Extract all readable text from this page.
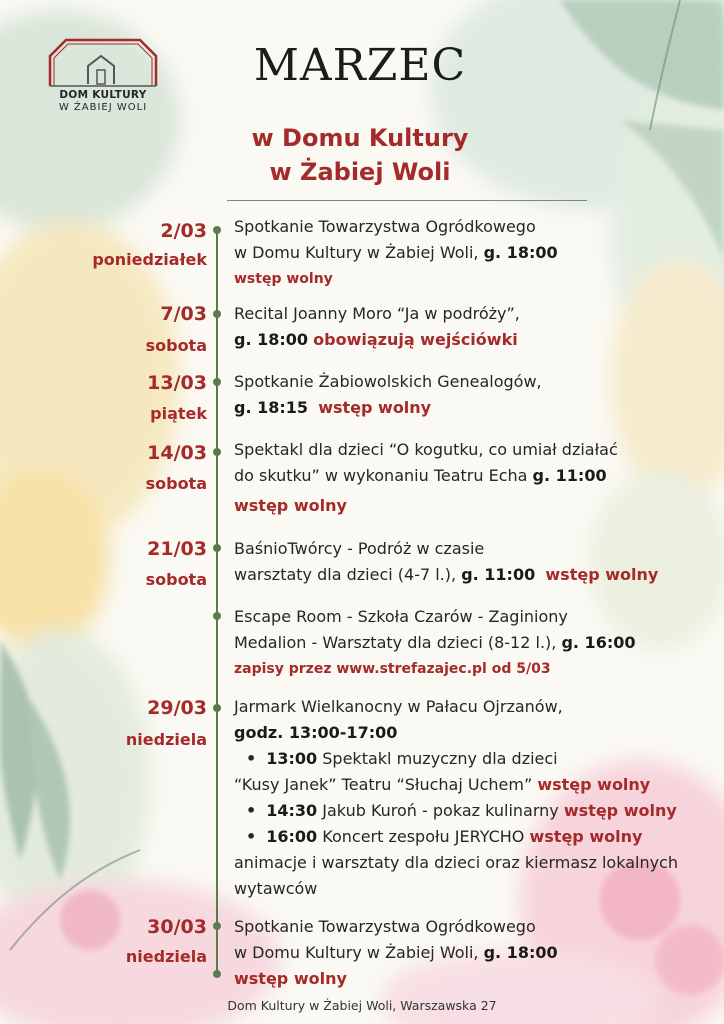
DOM KULTURY
W ŻABIEJ WOLI
MARZEC
w Domu Kultury
w Żabiej Woli
2/03
poniedziałek
Spotkanie Towarzystwa Ogródkowego
w Domu Kultury w Żabiej Woli, g. 18:00
wstęp wolny
7/03
sobota
Recital Joanny Moro “Ja w podróży”,
g. 18:00 obowiązują wejściówki
13/03
piątek
Spotkanie Żabiowolskich Genealogów,
g. 18:15 wstęp wolny
14/03
sobota
Spektakl dla dzieci “O kogutku, co umiał działać
do skutku” w wykonaniu Teatru Echa g. 11:00
wstęp wolny
21/03
sobota
BaśnioTwórcy - Podróż w czasie
warsztaty dla dzieci (4-7 l.), g. 11:00 wstęp wolny
Escape Room - Szkoła Czarów - Zaginiony
Medalion - Warsztaty dla dzieci (8-12 l.), g. 16:00
zapisy przez www.strefazajec.pl od 5/03
29/03
niedziela
Jarmark Wielkanocny w Pałacu Ojrzanów,
godz. 13:00-17:00
• 13:00 Spektakl muzyczny dla dzieci
“Kusy Janek” Teatru “Słuchaj Uchem” wstęp wolny
• 14:30 Jakub Kuroń - pokaz kulinarny wstęp wolny
• 16:00 Koncert zespołu JERYCHO wstęp wolny
animacje i warsztaty dla dzieci oraz kiermasz lokalnych
wytawców
30/03
niedziela
Spotkanie Towarzystwa Ogródkowego
w Domu Kultury w Żabiej Woli, g. 18:00
wstęp wolny
Dom Kultury w Żabiej Woli, Warszawska 27
